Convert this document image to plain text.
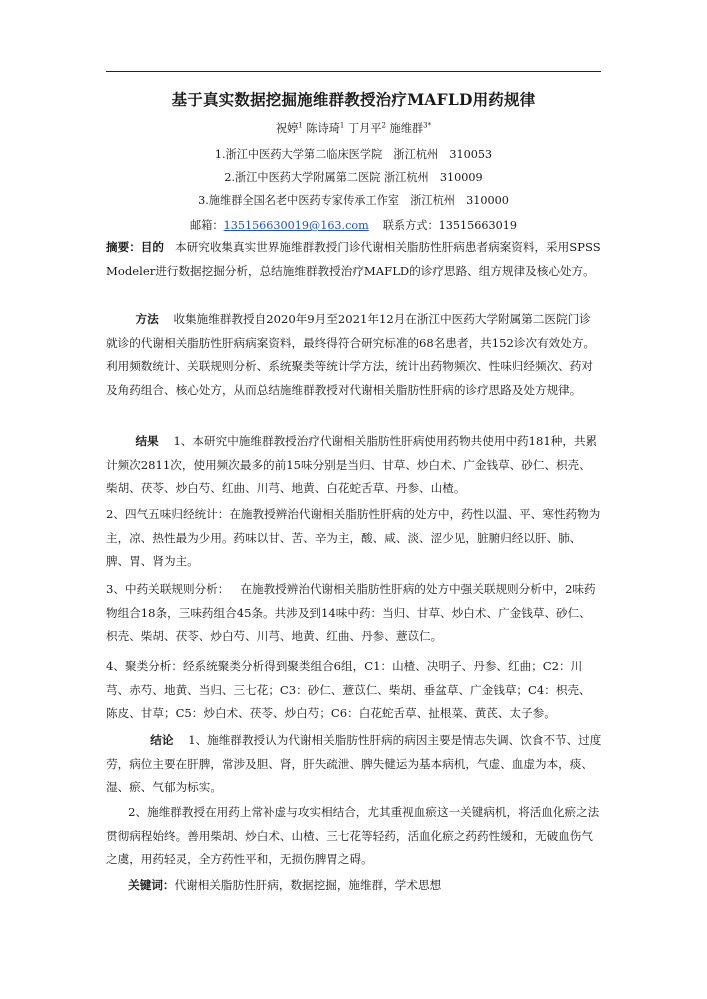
基于真实数据挖掘施维群教授治疗MAFLD用药规律
祝婷$^1$ 陈诗琦$^1$ 丁月平$^2$ 施维群$^{3*}$
1.浙江中医药大学第二临床医学院　浙江杭州　310053
2.浙江中医药大学附属第二医院 浙江杭州　310009
3.施维群全国名老中医药专家传承工作室　浙江杭州　310000
邮箱：13515663001​9@163.com 联系方式：13515663019

摘要：目的 本研究收集真实世界施维群教授门诊代谢相关脂肪性肝病患者病案资料，采用SPSS Modeler进行数据挖掘分析，总结施维群教授治疗MAFLD的诊疗思路、组方规律及核心处方。

方法 收集施维群教授自2020年9月至2021年12月在浙江中医药大学附属第二医院门诊就诊的代谢相关脂肪性肝病病案资料，最终得符合研究标准的68名患者，共152诊次有效处方。利用频数统计、关联规则分析、系统聚类等统计学方法，统计出药物频次、性味归经频次、药对及角药组合、核心处方，从而总结施维群教授对代谢相关脂肪性肝病的诊疗思路及处方规律。

结果 1、本研究中施维群教授治疗代谢相关脂肪性肝病使用药物共使用中药181种，共累计频次2811次，使用频次最多的前15味分别是当归、甘草、炒白术、广金钱草、砂仁、枳壳、柴胡、茯苓、炒白芍、红曲、川芎、地黄、白花蛇舌草、丹参、山楂。

2、四气五味归经统计：在施教授辨治代谢相关脂肪性肝病的处方中，药性以温、平、寒性药物为主，凉、热性最为少用。药味以甘、苦、辛为主，酸、咸、淡、涩少见，脏腑归经以肝、肺、脾、胃、肾为主。

3、中药关联规则分析： 在施教授辨治代谢相关脂肪性肝病的处方中强关联规则分析中，2味药物组合18条，三味药组合45条。共涉及到14味中药：当归、甘草、炒白术、广金钱草、砂仁、枳壳、柴胡、茯苓、炒白芍、川芎、地黄、红曲、丹参、薏苡仁。

4、聚类分析：经系统聚类分析得到聚类组合6组，C1：山楂、决明子、丹参、红曲；C2：川芎、赤芍、地黄、当归、三七花；C3：砂仁、薏苡仁、柴胡、垂盆草、广金钱草；C4：枳壳、陈皮、甘草；C5：炒白术、茯苓、炒白芍；C6：白花蛇舌草、扯根菜、黄芪、太子参。

结论 1、施维群教授认为代谢相关脂肪性肝病的病因主要是情志失调、饮食不节、过度劳，病位主要在肝脾，常涉及胆、肾，肝失疏泄、脾失健运为基本病机，气虚、血虚为本，痰、湿、瘀、气郁为标实。

2、施维群教授在用药上常补虚与攻实相结合，尤其重视血瘀这一关键病机，将活血化瘀之法贯彻病程始终。善用柴胡、炒白术、山楂、三七花等轻药，活血化瘀之药药性缓和，无破血伤气之虞，用药轻灵，全方药性平和，无损伤脾胃之碍。

关键词：代谢相关脂肪性肝病，数据挖掘，施维群，学术思想
